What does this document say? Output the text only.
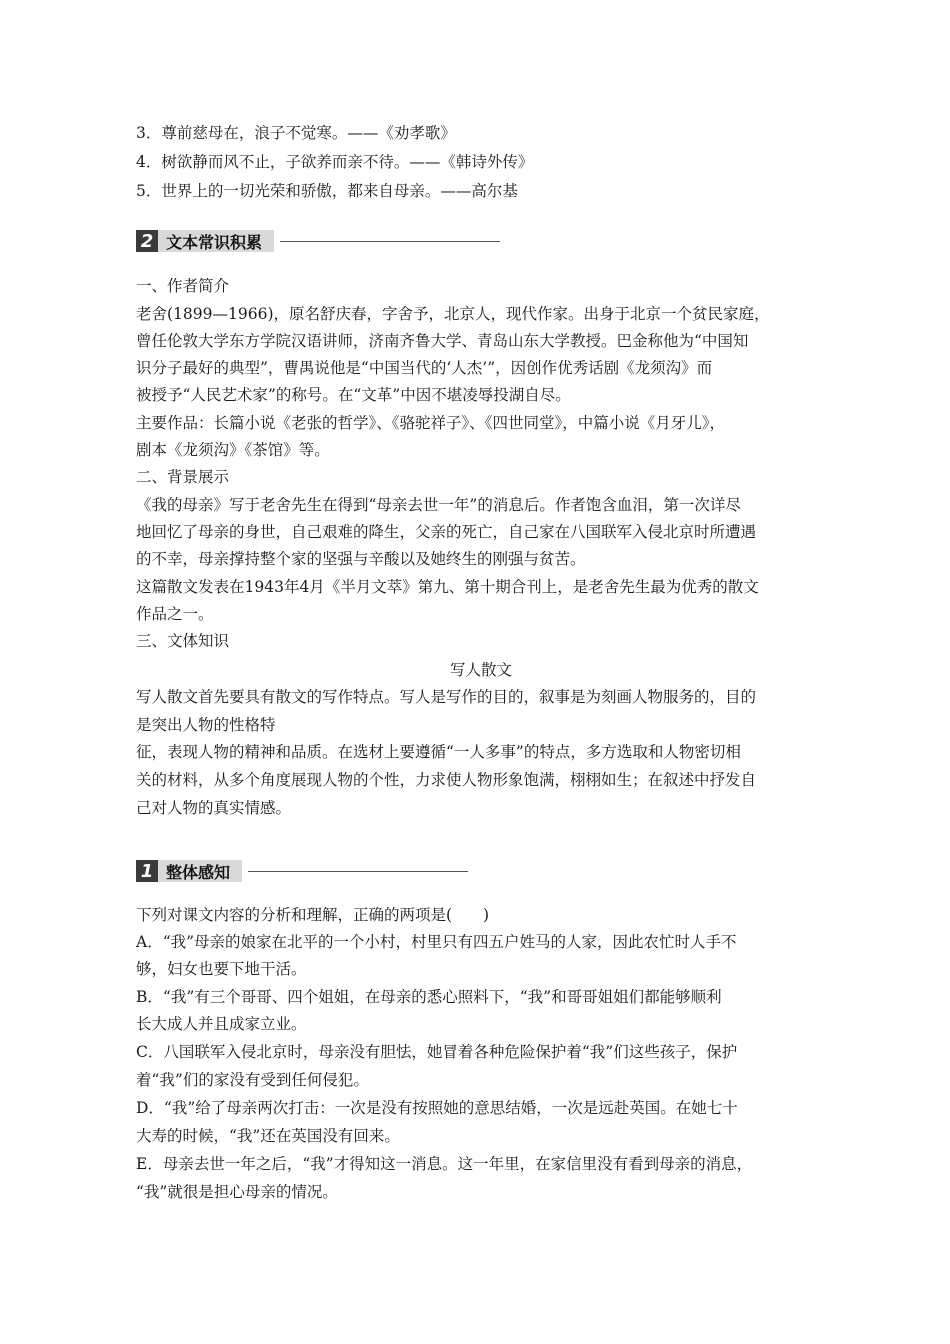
3．尊前慈母在，浪子不觉寒。——《劝孝歌》
4．树欲静而风不止，子欲养而亲不待。——《韩诗外传》
5．世界上的一切光荣和骄傲，都来自母亲。——高尔基
2 文本常识积累
一、作者简介
老舍(1899—1966)，原名舒庆春，字舍予，北京人，现代作家。出身于北京一个贫民家庭，
曾任伦敦大学东方学院汉语讲师，济南齐鲁大学、青岛山东大学教授。巴金称他为“中国知
识分子最好的典型”，曹禺说他是“中国当代的‘人杰’”，因创作优秀话剧《龙须沟》而
被授予“人民艺术家”的称号。在“文革”中因不堪凌辱投湖自尽。
主要作品：长篇小说《老张的哲学》、《骆驼祥子》、《四世同堂》，中篇小说《月牙儿》，
剧本《龙须沟》《茶馆》等。
二、背景展示
《我的母亲》写于老舍先生在得到“母亲去世一年”的消息后。作者饱含血泪，第一次详尽
地回忆了母亲的身世，自己艰难的降生，父亲的死亡，自己家在八国联军入侵北京时所遭遇
的不幸，母亲撑持整个家的坚强与辛酸以及她终生的刚强与贫苦。
这篇散文发表在1943年4月《半月文萃》第九、第十期合刊上，是老舍先生最为优秀的散文
作品之一。
三、文体知识
写人散文
写人散文首先要具有散文的写作特点。写人是写作的目的，叙事是为刻画人物服务的，目的
是突出人物的性格特
征，表现人物的精神和品质。在选材上要遵循“一人多事”的特点，多方选取和人物密切相
关的材料，从多个角度展现人物的个性，力求使人物形象饱满，栩栩如生；在叙述中抒发自
己对人物的真实情感。
1 整体感知
下列对课文内容的分析和理解，正确的两项是(　　)
A．“我”母亲的娘家在北平的一个小村，村里只有四五户姓马的人家，因此农忙时人手不
够，妇女也要下地干活。
B．“我”有三个哥哥、四个姐姐，在母亲的悉心照料下，“我”和哥哥姐姐们都能够顺利
长大成人并且成家立业。
C．八国联军入侵北京时，母亲没有胆怯，她冒着各种危险保护着“我”们这些孩子，保护
着“我”们的家没有受到任何侵犯。
D．“我”给了母亲两次打击：一次是没有按照她的意思结婚，一次是远赴英国。在她七十
大寿的时候，“我”还在英国没有回来。
E．母亲去世一年之后，“我”才得知这一消息。这一年里，在家信里没有看到母亲的消息，
“我”就很是担心母亲的情况。
